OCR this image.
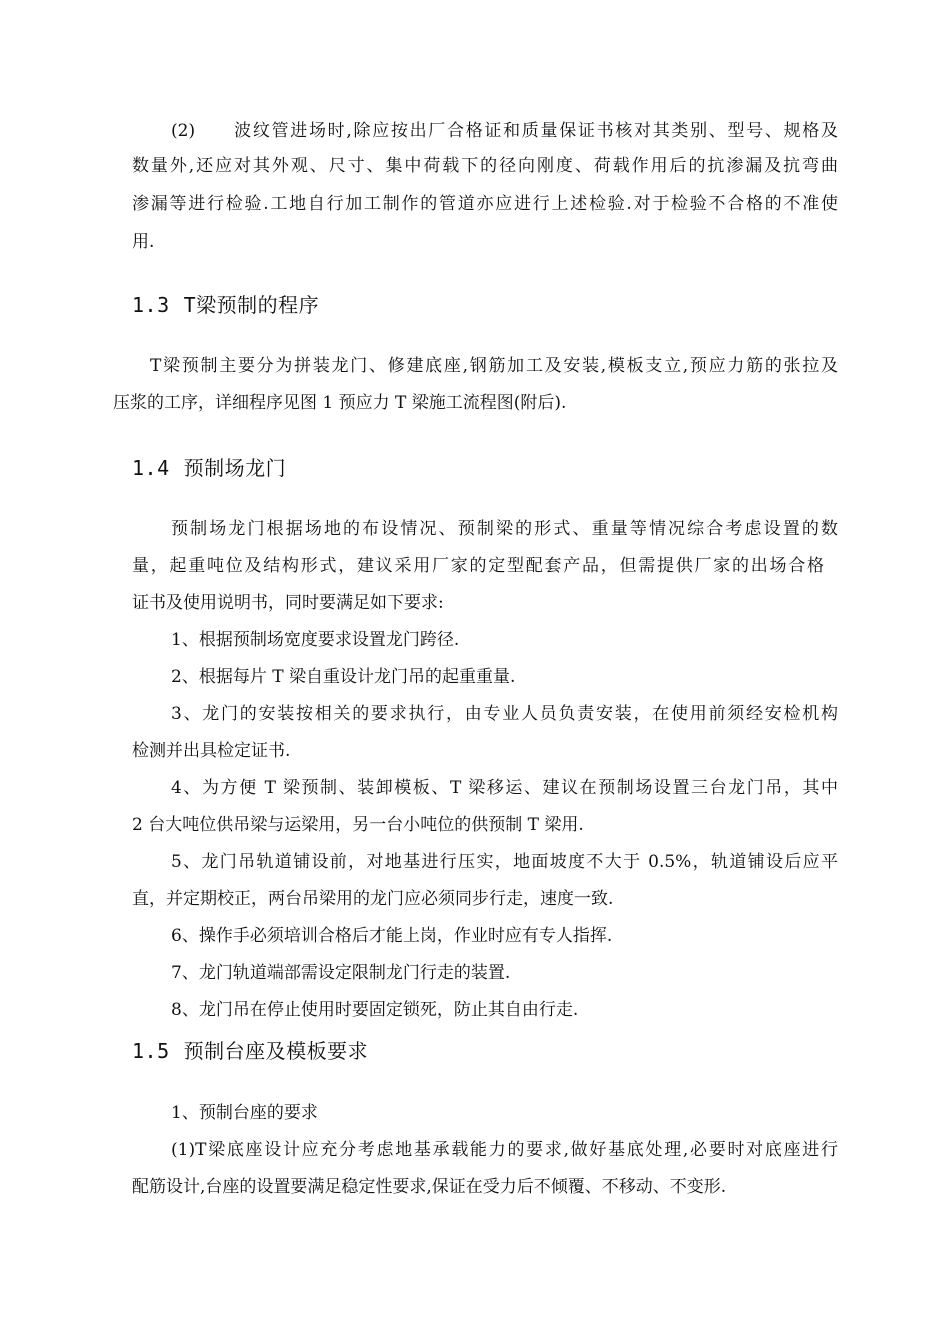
(2)　　波纹管进场时,除应按出厂合格证和质量保证书核对其类别、型号、规格及

数量外,还应对其外观、尺寸、集中荷载下的径向刚度、荷载作用后的抗渗漏及抗弯曲

渗漏等进行检验.工地自行加工制作的管道亦应进行上述检验.对于检验不合格的不准使

用.

1.3 T梁预制的程序

T梁预制主要分为拼装龙门、修建底座,钢筋加工及安装,模板支立,预应力筋的张拉及

压浆的工序，详细程序见图 1 预应力 T 梁施工流程图(附后).

1.4 预制场龙门

预制场龙门根据场地的布设情况、预制梁的形式、重量等情况综合考虑设置的数

量，起重吨位及结构形式，建议采用厂家的定型配套产品，但需提供厂家的出场合格

证书及使用说明书，同时要满足如下要求:

1、根据预制场宽度要求设置龙门跨径.

2、根据每片 T 梁自重设计龙门吊的起重重量.

3、龙门的安装按相关的要求执行，由专业人员负责安装，在使用前须经安检机构

检测并出具检定证书.

4、为方便 T 梁预制、装卸模板、T 梁移运、建议在预制场设置三台龙门吊，其中

2 台大吨位供吊梁与运梁用，另一台小吨位的供预制 T 梁用.

5、龙门吊轨道铺设前，对地基进行压实，地面坡度不大于 0.5%，轨道铺设后应平

直，并定期校正，两台吊梁用的龙门应必须同步行走，速度一致.

6、操作手必须培训合格后才能上岗，作业时应有专人指挥.

7、龙门轨道端部需设定限制龙门行走的装置.

8、龙门吊在停止使用时要固定锁死，防止其自由行走.

1.5 预制台座及模板要求

1、预制台座的要求

(1)T梁底座设计应充分考虑地基承载能力的要求,做好基底处理,必要时对底座进行

配筋设计,台座的设置要满足稳定性要求,保证在受力后不倾覆、不移动、不变形.
